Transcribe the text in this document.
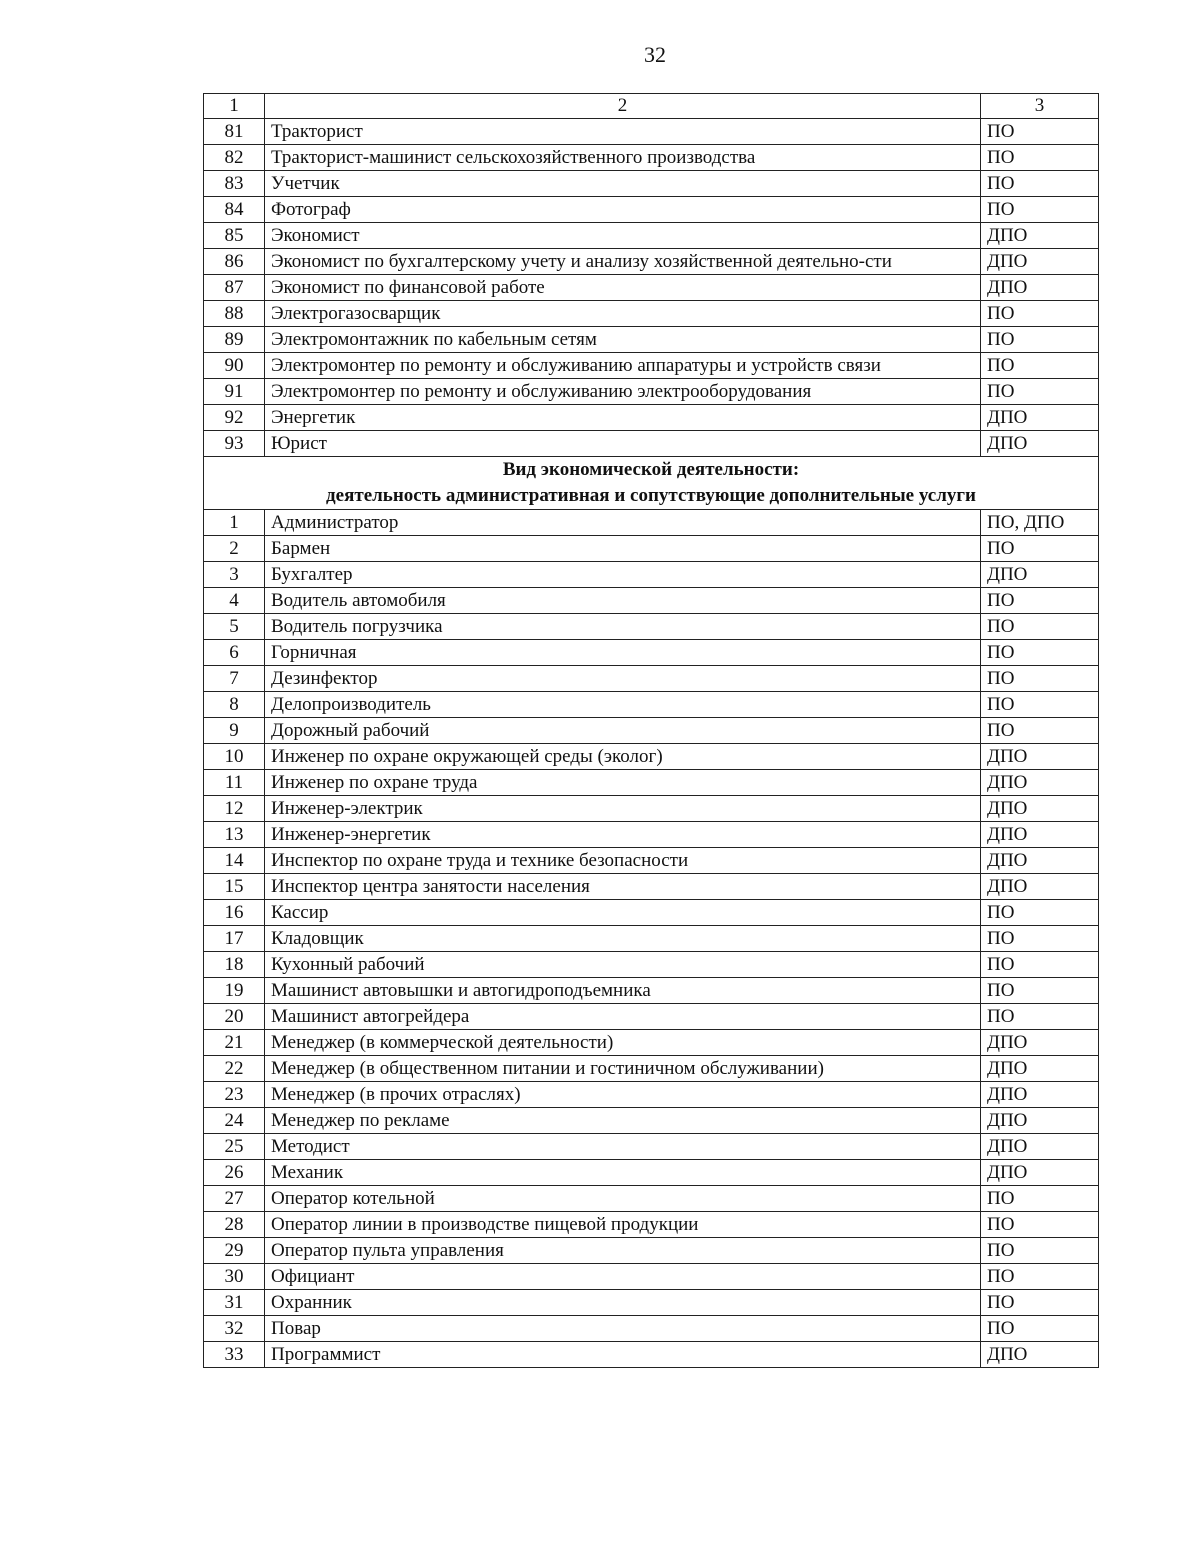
32
1	2	3
81	Тракторист	ПО
82	Тракторист-машинист сельскохозяйственного производства	ПО
83	Учетчик	ПО
84	Фотограф	ПО
85	Экономист	ДПО
86	Экономист по бухгалтерскому учету и анализу хозяйственной деятельно-сти	ДПО
87	Экономист по финансовой работе	ДПО
88	Электрогазосварщик	ПО
89	Электромонтажник по кабельным сетям	ПО
90	Электромонтер по ремонту и обслуживанию аппаратуры и устройств связи	ПО
91	Электромонтер по ремонту и обслуживанию электрооборудования	ПО
92	Энергетик	ДПО
93	Юрист	ДПО

Вид экономической деятельности:
деятельность административная и сопутствующие дополнительные услуги		

1	Администратор	ПО, ДПО
2	Бармен	ПО
3	Бухгалтер	ДПО
4	Водитель автомобиля	ПО
5	Водитель погрузчика	ПО
6	Горничная	ПО
7	Дезинфектор	ПО
8	Делопроизводитель	ПО
9	Дорожный рабочий	ПО
10	Инженер по охране окружающей среды (эколог)	ДПО
11	Инженер по охране труда	ДПО
12	Инженер-электрик	ДПО
13	Инженер-энергетик	ДПО
14	Инспектор по охране труда и технике безопасности	ДПО
15	Инспектор центра занятости населения	ДПО
16	Кассир	ПО
17	Кладовщик	ПО
18	Кухонный рабочий	ПО
19	Машинист автовышки и автогидроподъемника	ПО
20	Машинист автогрейдера	ПО
21	Менеджер (в коммерческой деятельности)	ДПО
22	Менеджер (в общественном питании и гостиничном обслуживании)	ДПО
23	Менеджер (в прочих отраслях)	ДПО
24	Менеджер по рекламе	ДПО
25	Методист	ДПО
26	Механик	ДПО
27	Оператор котельной	ПО
28	Оператор линии в производстве пищевой продукции	ПО
29	Оператор пульта управления	ПО
30	Официант	ПО
31	Охранник	ПО
32	Повар	ПО
33	Программист	ДПО
